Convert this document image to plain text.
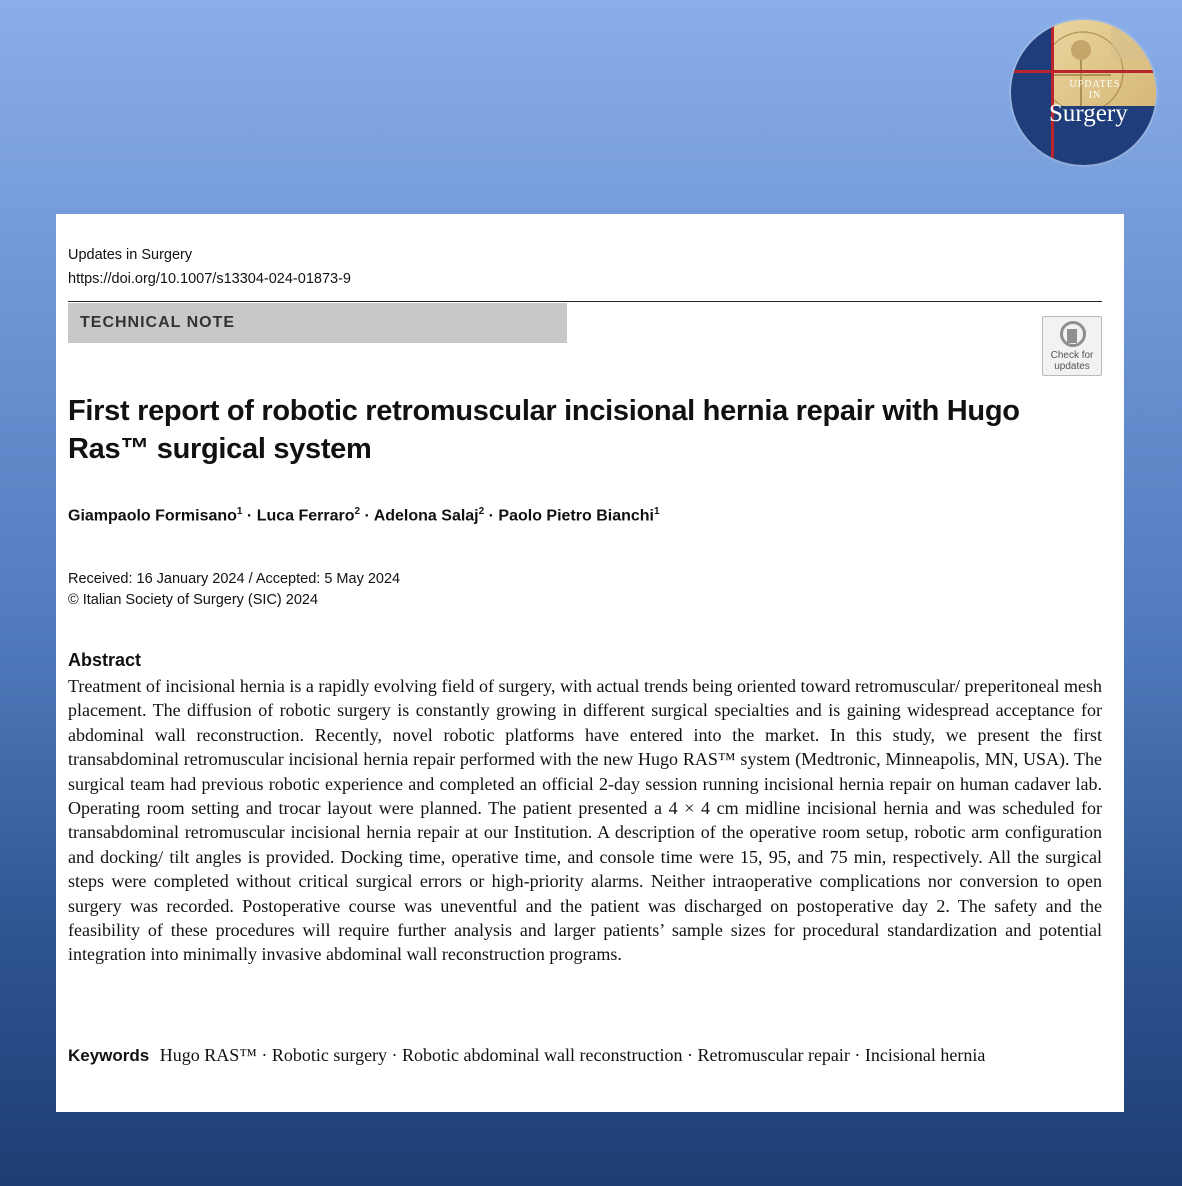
UPDATES
IN
Surgery
Updates in Surgery
https://doi.org/10.1007/s13304-024-01873-9
TECHNICAL NOTE
Check for
updates
First report of robotic retromuscular incisional hernia repair with Hugo Ras™ surgical system
Giampaolo Formisano$^1$ · Luca Ferraro$^2$ · Adelona Salaj$^2$ · Paolo Pietro Bianchi$^1$
Received: 16 January 2024 / Accepted: 5 May 2024
© Italian Society of Surgery (SIC) 2024
Abstract
Treatment of incisional hernia is a rapidly evolving field of surgery, with actual trends being oriented toward retromuscular/ preperitoneal mesh placement. The diffusion of robotic surgery is constantly growing in different surgical specialties and is gaining widespread acceptance for abdominal wall reconstruction. Recently, novel robotic platforms have entered into the market. In this study, we present the first transabdominal retromuscular incisional hernia repair performed with the new Hugo RAS™ system (Medtronic, Minneapolis, MN, USA). The surgical team had previous robotic experience and completed an official 2-day session running incisional hernia repair on human cadaver lab. Operating room setting and trocar layout were planned. The patient presented a 4 × 4 cm midline incisional hernia and was scheduled for transabdominal retromuscular incisional hernia repair at our Institution. A description of the operative room setup, robotic arm configuration and docking/ tilt angles is provided. Docking time, operative time, and console time were 15, 95, and 75 min, respectively. All the surgical steps were completed without critical surgical errors or high-priority alarms. Neither intraoperative complications nor conversion to open surgery was recorded. Postoperative course was uneventful and the patient was discharged on postoperative day 2. The safety and the feasibility of these procedures will require further analysis and larger patients’ sample sizes for procedural standardization and potential integration into minimally invasive abdominal wall reconstruction programs.
Keywords Hugo RAS™ · Robotic surgery · Robotic abdominal wall reconstruction · Retromuscular repair · Incisional hernia
